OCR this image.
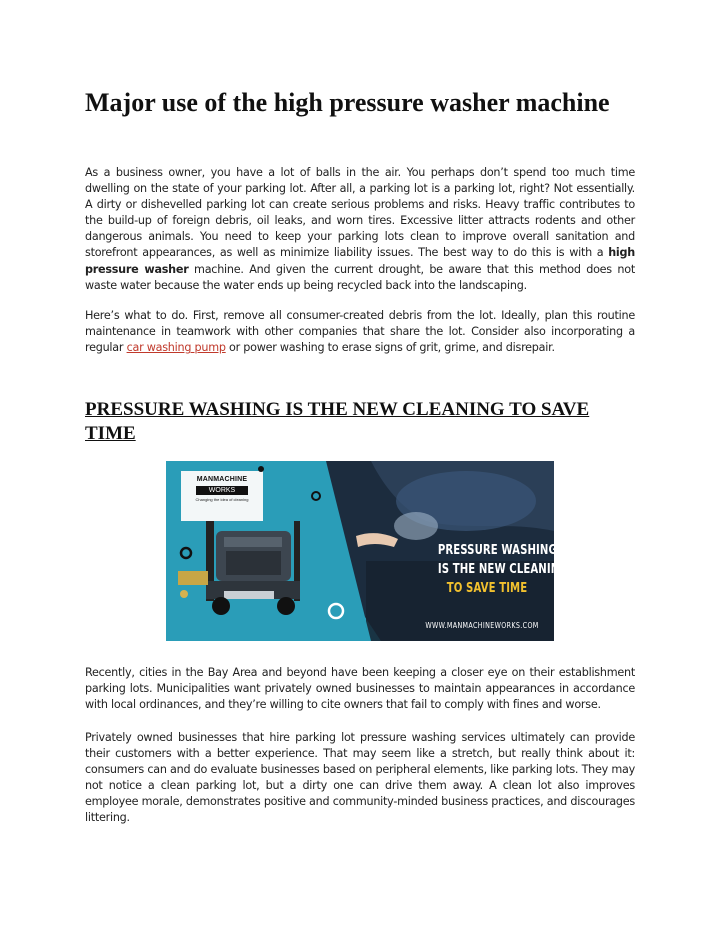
Major use of the high pressure washer machine

As a business owner, you have a lot of balls in the air. You perhaps don’t spend too much time dwelling on the state of your parking lot. After all, a parking lot is a parking lot, right? Not essentially. A dirty or dishevelled parking lot can create serious problems and risks. Heavy traffic contributes to the build-up of foreign debris, oil leaks, and worn tires. Excessive litter attracts rodents and other dangerous animals. You need to keep your parking lots clean to improve overall sanitation and storefront appearances, as well as minimize liability issues. The best way to do this is with a high pressure washer machine. And given the current drought, be aware that this method does not waste water because the water ends up being recycled back into the landscaping.

Here’s what to do. First, remove all consumer-created debris from the lot. Ideally, plan this routine maintenance in teamwork with other companies that share the lot. Consider also incorporating a regular car washing pump or power washing to erase signs of grit, grime, and disrepair.

PRESSURE WASHING IS THE NEW CLEANING TO SAVE TIME
MANMACHINE
WORKS
Changing the idea of cleaning
PRESSURE WASHING
IS THE NEW CLEANING
TO SAVE TIME
WWW.MANMACHINEWORKS.COM

Recently, cities in the Bay Area and beyond have been keeping a closer eye on their establishment parking lots. Municipalities want privately owned businesses to maintain appearances in accordance with local ordinances, and they’re willing to cite owners that fail to comply with fines and worse.

Privately owned businesses that hire parking lot pressure washing services ultimately can provide their customers with a better experience. That may seem like a stretch, but really think about it: consumers can and do evaluate businesses based on peripheral elements, like parking lots. They may not notice a clean parking lot, but a dirty one can drive them away. A clean lot also improves employee morale, demonstrates positive and community-minded business practices, and discourages littering.
